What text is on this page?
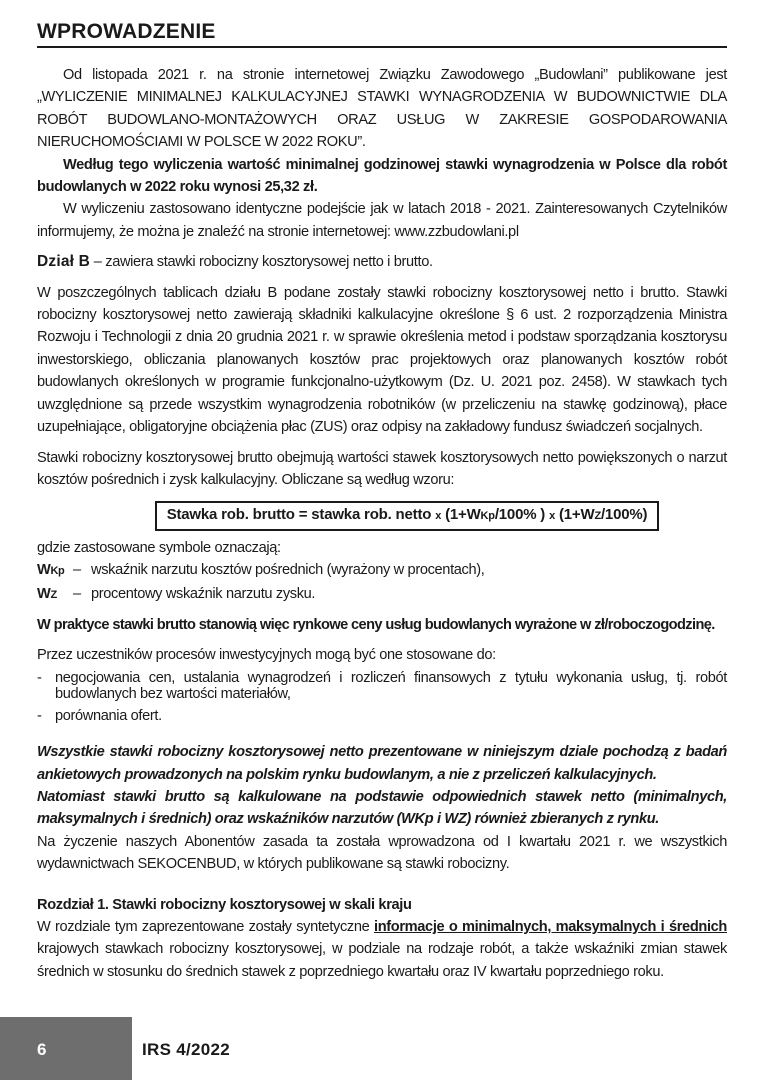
WPROWADZENIE

Od listopada 2021 r. na stronie internetowej Związku Zawodowego „Budowlani” publikowane jest „WYLICZENIE MINIMALNEJ KALKULACYJNEJ STAWKI WYNAGRODZENIA W BUDOWNICTWIE DLA ROBÓT BUDOWLANO-MONTAŻOWYCH ORAZ USŁUG W ZAKRESIE GOSPODAROWANIA NIERUCHOMOŚCIAMI W POLSCE W 2022 ROKU”.

Według tego wyliczenia wartość minimalnej godzinowej stawki wynagrodzenia w Polsce dla robót budowlanych w 2022 roku wynosi 25,32 zł.

W wyliczeniu zastosowano identyczne podejście jak w latach 2018 - 2021. Zainteresowanych Czytelników informujemy, że można je znaleźć na stronie internetowej: www.zzbudowlani.pl

Dział B – zawiera stawki robocizny kosztorysowej netto i brutto.

W poszczególnych tablicach działu B podane zostały stawki robocizny kosztorysowej netto i brutto. Stawki robocizny kosztorysowej netto zawierają składniki kalkulacyjne określone § 6 ust. 2 rozporządzenia Ministra Rozwoju i Technologii z dnia 20 grudnia 2021 r. w sprawie określenia metod i podstaw sporządzania kosztorysu inwestorskiego, obliczania planowanych kosztów prac projektowych oraz planowanych kosztów robót budowlanych określonych w programie funkcjonalno-użytkowym (Dz. U. 2021 poz. 2458). W stawkach tych uwzględnione są przede wszystkim wynagrodzenia robotników (w przeliczeniu na stawkę godzinową), płace uzupełniające, obligatoryjne obciążenia płac (ZUS) oraz odpisy na zakładowy fundusz świadczeń socjalnych.

Stawki robocizny kosztorysowej brutto obejmują wartości stawek kosztorysowych netto powiększonych o narzut kosztów pośrednich i zysk kalkulacyjny. Obliczane są według wzoru:

Stawka rob. brutto = stawka rob. netto x (1+WKp/100% ) x (1+WZ/100%)

gdzie zastosowane symbole oznaczają:

WKp – wskaźnik narzutu kosztów pośrednich (wyrażony w procentach),
WZ	– procentowy wskaźnik narzutu zysku.

W praktyce stawki brutto stanowią więc rynkowe ceny usług budowlanych wyrażone w zł/roboczogodzinę.

Przez uczestników procesów inwestycyjnych mogą być one stosowane do:

- negocjowania cen, ustalania wynagrodzeń i rozliczeń finansowych z tytułu wykonania usług, tj. robót budowlanych bez wartości materiałów,
- porównania ofert.

Wszystkie stawki robocizny kosztorysowej netto prezentowane w niniejszym dziale pochodzą z badań ankietowych prowadzonych na polskim rynku budowlanym, a nie z przeliczeń kalkulacyjnych.

Natomiast stawki brutto są kalkulowane na podstawie odpowiednich stawek netto (minimalnych, maksymalnych i średnich) oraz wskaźników narzutów (WKp i WZ) również zbieranych z rynku.

Na życzenie naszych Abonentów zasada ta została wprowadzona od I kwartału 2021 r. we wszystkich wydawnictwach SEKOCENBUD, w których publikowane są stawki robocizny.

Rozdział 1. Stawki robocizny kosztorysowej w skali kraju

W rozdziale tym zaprezentowane zostały syntetyczne informacje o minimalnych, maksymalnych i średnich krajowych stawkach robocizny kosztorysowej, w podziale na rodzaje robót, a także wskaźniki zmian stawek średnich w stosunku do średnich stawek z poprzedniego kwartału oraz IV kwartału poprzedniego roku.

6	IRS 4/2022
